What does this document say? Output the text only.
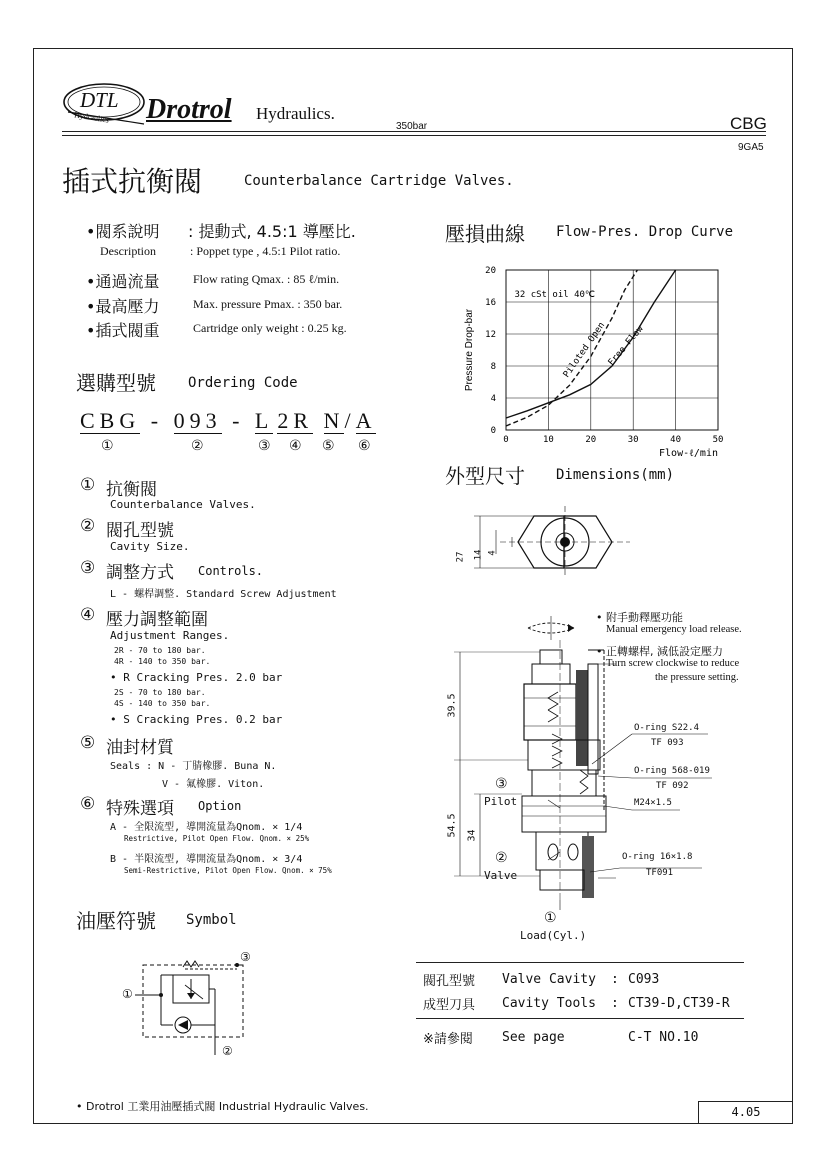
DTL
Hydraulics Drotrol Hydraulics.
350bar	CBG
9GA5
插式抗衡閥	Counterbalance Cartridge Valves.
•閥系說明 : 提動式, 4.5:1 導壓比.
Description	: Poppet type , 4.5:1 Pilot ratio.
•通過流量	Flow rating Qmax. : 85 ℓ/min.
•最高壓力	Max. pressure Pmax. : 350 bar.
•插式閥重	Cartridge only weight : 0.25 kg.
選購型號 Ordering Code
CBG - 093 - L 2R N/A
①	②	③ ④ ⑤ ⑥
① 抗衡閥
Counterbalance Valves.
② 閥孔型號
Cavity Size.
③ 調整方式 Controls.
L - 螺桿調整. Standard Screw Adjustment
④ 壓力調整範圍
Adjustment Ranges.
2R - 70 to 180 bar.
4R - 140 to 350 bar.
• R Cracking Pres. 2.0 bar
2S - 70 to 180 bar.
4S - 140 to 350 bar.
• S Cracking Pres. 0.2 bar
⑤ 油封材質
Seals : N - 丁腈橡膠. Buna N.
V - 氟橡膠. Viton.
⑥ 特殊選項 Option
A - 全限流型, 導開流量為Qnom. × 1/4
Restrictive, Pilot Open Flow. Qnom. × 25%
B - 半限流型, 導開流量為Qnom. × 3/4
Semi-Restrictive, Pilot Open Flow. Qnom. × 75%
油壓符號 Symbol
①
②
③
壓損曲線 Flow-Pres. Drop Curve
0	10	20	30	40	50
4
8
12
16
20
0
Free Flow
Piloted Open
32 cSt oil 40℃
Flow-ℓ/min
Pressure Drop-bar
外型尺寸 Dimensions(mm)
27 14 4
39.5
54.5 34
• 附手動釋壓功能
Manual emergency load release.
• 正轉螺桿, 減低設定壓力
Turn screw clockwise to reduce
the pressure setting.
O-ring S22.4
TF 093
O-ring 568-019
TF 092
M24×1.5
O-ring 16×1.8
TF091
③
Pilot
②
Valve
①
Load(Cyl.)
閥孔型號 Valve Cavity : C093
成型刀具 Cavity Tools : CT39-D,CT39-R
※請參閱 See page	C-T NO.10
• Drotrol 工業用油壓插式閥 Industrial Hydraulic Valves.	4.05
